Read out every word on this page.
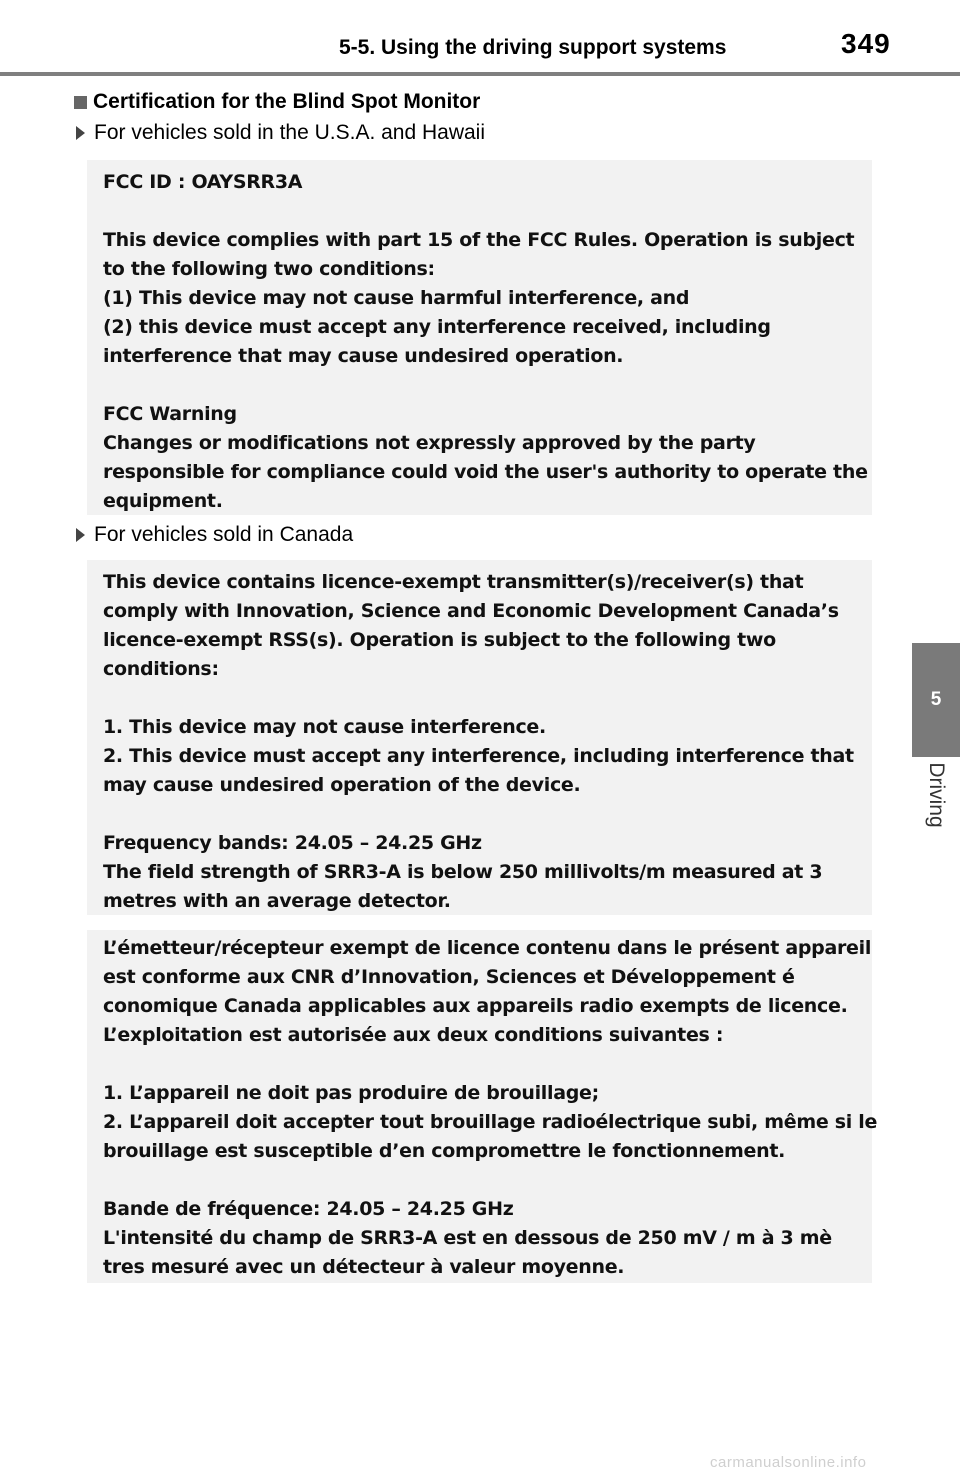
5-5. Using the driving support systems	349
Certification for the Blind Spot Monitor
For vehicles sold in the U.S.A. and Hawaii
FCC ID : OAYSRR3A
This device complies with part 15 of the FCC Rules. Operation is subject
to the following two conditions:
(1) This device may not cause harmful interference, and
(2) this device must accept any interference received, including
interference that may cause undesired operation.
FCC Warning
Changes or modifications not expressly approved by the party
responsible for compliance could void the user's authority to operate the
equipment.
For vehicles sold in Canada
This device contains licence-exempt transmitter(s)/receiver(s) that
comply with Innovation, Science and Economic Development Canada’s
licence-exempt RSS(s). Operation is subject to the following two
conditions:
1. This device may not cause interference.
2. This device must accept any interference, including interference that
may cause undesired operation of the device.
Frequency bands: 24.05 – 24.25 GHz
The field strength of SRR3-A is below 250 millivolts/m measured at 3
metres with an average detector.
L’émetteur/récepteur exempt de licence contenu dans le présent appareil
est conforme aux CNR d’Innovation, Sciences et Développement é
conomique Canada applicables aux appareils radio exempts de licence.
L’exploitation est autorisée aux deux conditions suivantes :
1. L’appareil ne doit pas produire de brouillage;
2. L’appareil doit accepter tout brouillage radioélectrique subi, même si le
brouillage est susceptible d’en compromettre le fonctionnement.
Bande de fréquence: 24.05 – 24.25 GHz
L'intensité du champ de SRR3-A est en dessous de 250 mV / m à 3 mè
tres mesuré avec un détecteur à valeur moyenne.
5
Driving
carmanualsonline.info
